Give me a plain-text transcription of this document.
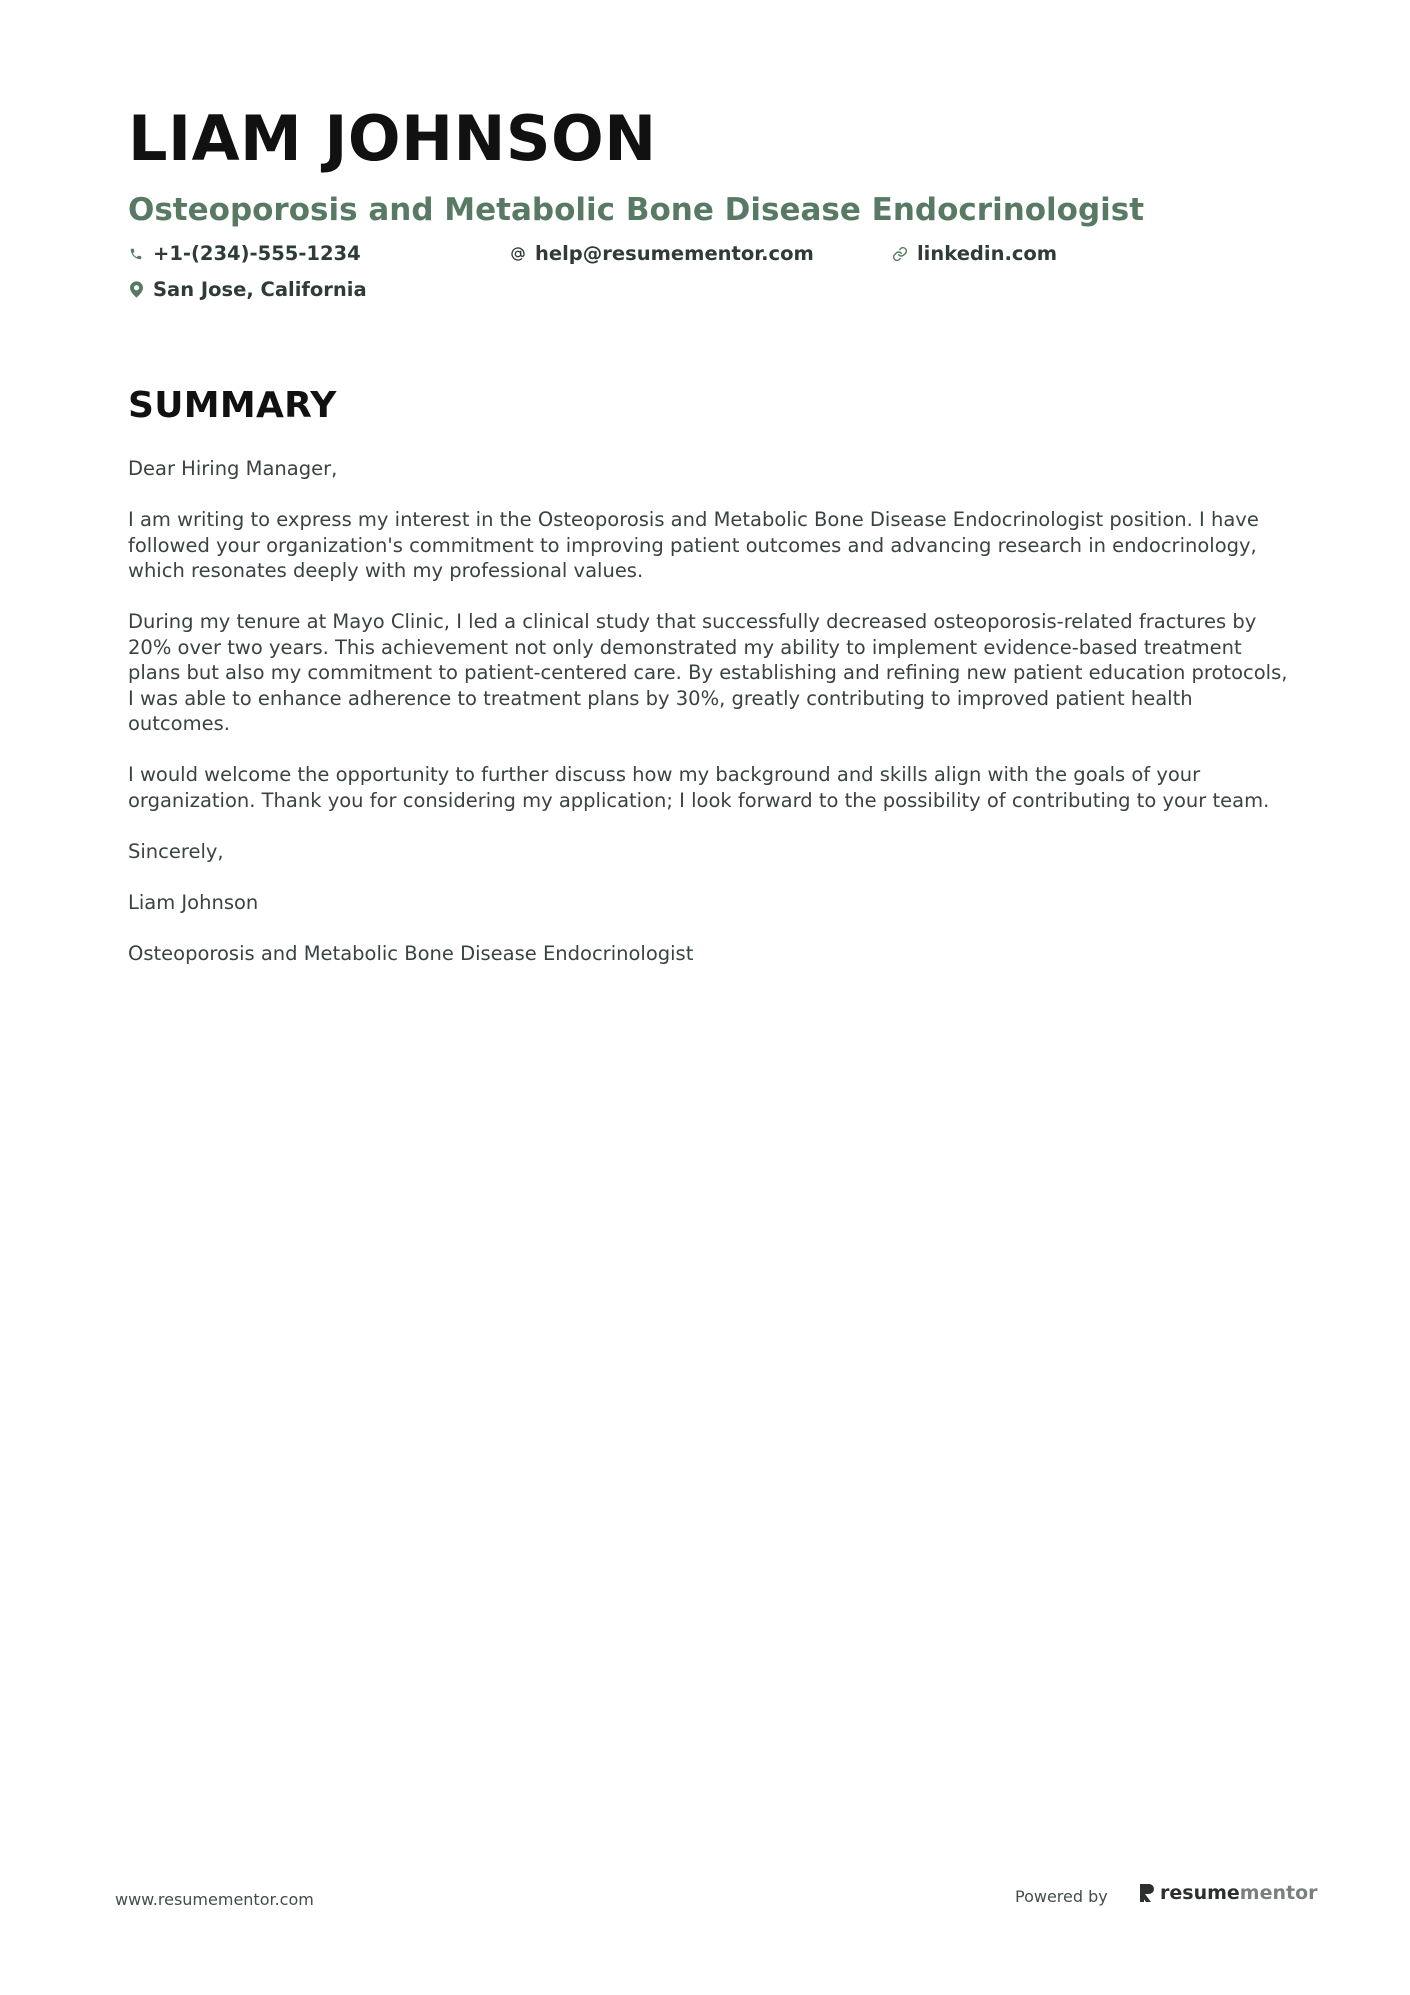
LIAM JOHNSON
Osteoporosis and Metabolic Bone Disease Endocrinologist
+1-(234)-555-1234	help@resumementor.com	linkedin.com
San Jose, California
SUMMARY

Dear Hiring Manager,

I am writing to express my interest in the Osteoporosis and Metabolic Bone Disease Endocrinologist position. I have followed your organization's commitment to improving patient outcomes and advancing research in endocrinology, which resonates deeply with my professional values.

During my tenure at Mayo Clinic, I led a clinical study that successfully decreased osteoporosis-related fractures by 20% over two years. This achievement not only demonstrated my ability to implement evidence-based treatment plans but also my commitment to patient-centered care. By establishing and refining new patient education protocols, I was able to enhance adherence to treatment plans by 30%, greatly contributing to improved patient health outcomes.

I would welcome the opportunity to further discuss how my background and skills align with the goals of your organization. Thank you for considering my application; I look forward to the possibility of contributing to your team.

Sincerely,

Liam Johnson

Osteoporosis and Metabolic Bone Disease Endocrinologist

www.resumementor.com	Powered by	resume mentor
